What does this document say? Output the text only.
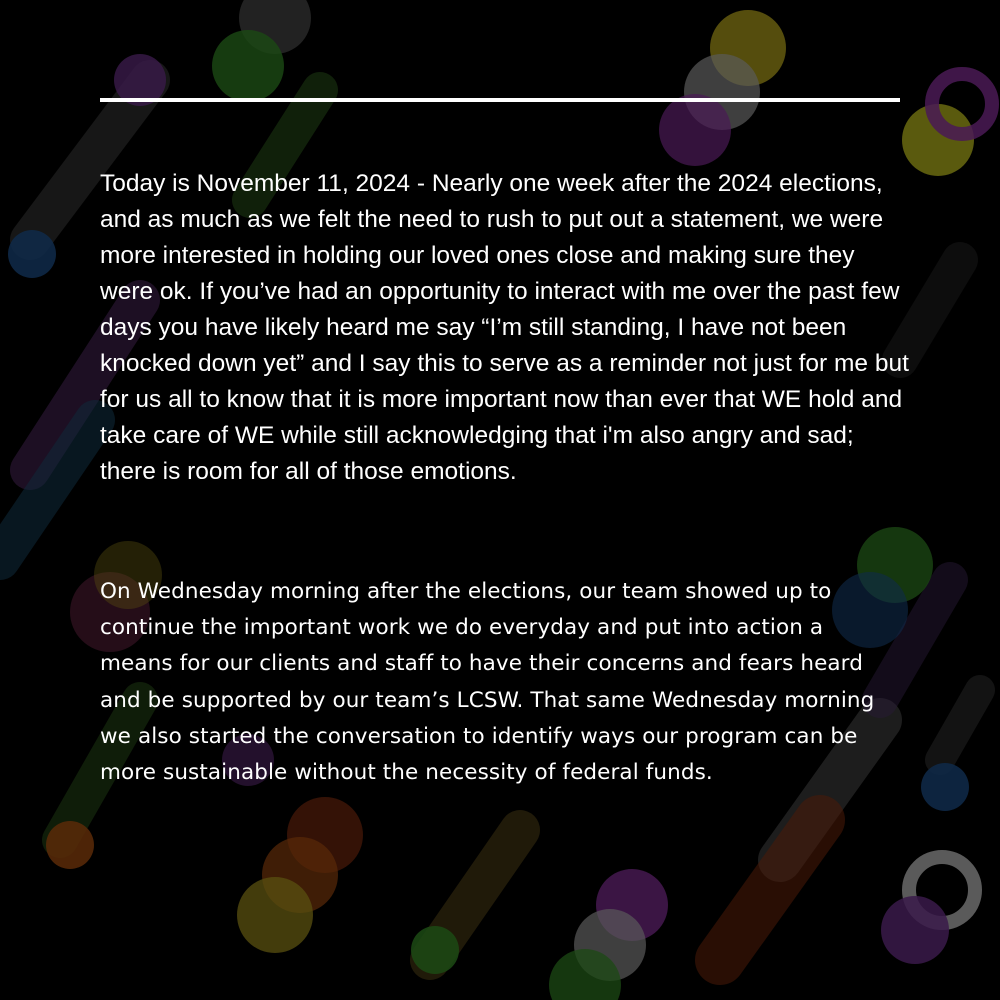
Today is November 11, 2024 - Nearly one week after the 2024 elections, and as much as we felt the need to rush to put out a statement, we were more interested in holding our loved ones close and making sure they were ok. If you’ve had an opportunity to interact with me over the past few days you have likely heard me say “I’m still standing, I have not been knocked down yet” and I say this to serve as a reminder not just for me but for us all to know that it is more important now than ever that WE hold and take care of WE while still acknowledging that i'm also angry and sad; there is room for all of those emotions.

On Wednesday morning after the elections, our team showed up to continue the important work we do everyday and put into action a means for our clients and staff to have their concerns and fears heard and be supported by our team’s LCSW. That same Wednesday morning we also started the conversation to identify ways our program can be more sustainable without the necessity of federal funds.
